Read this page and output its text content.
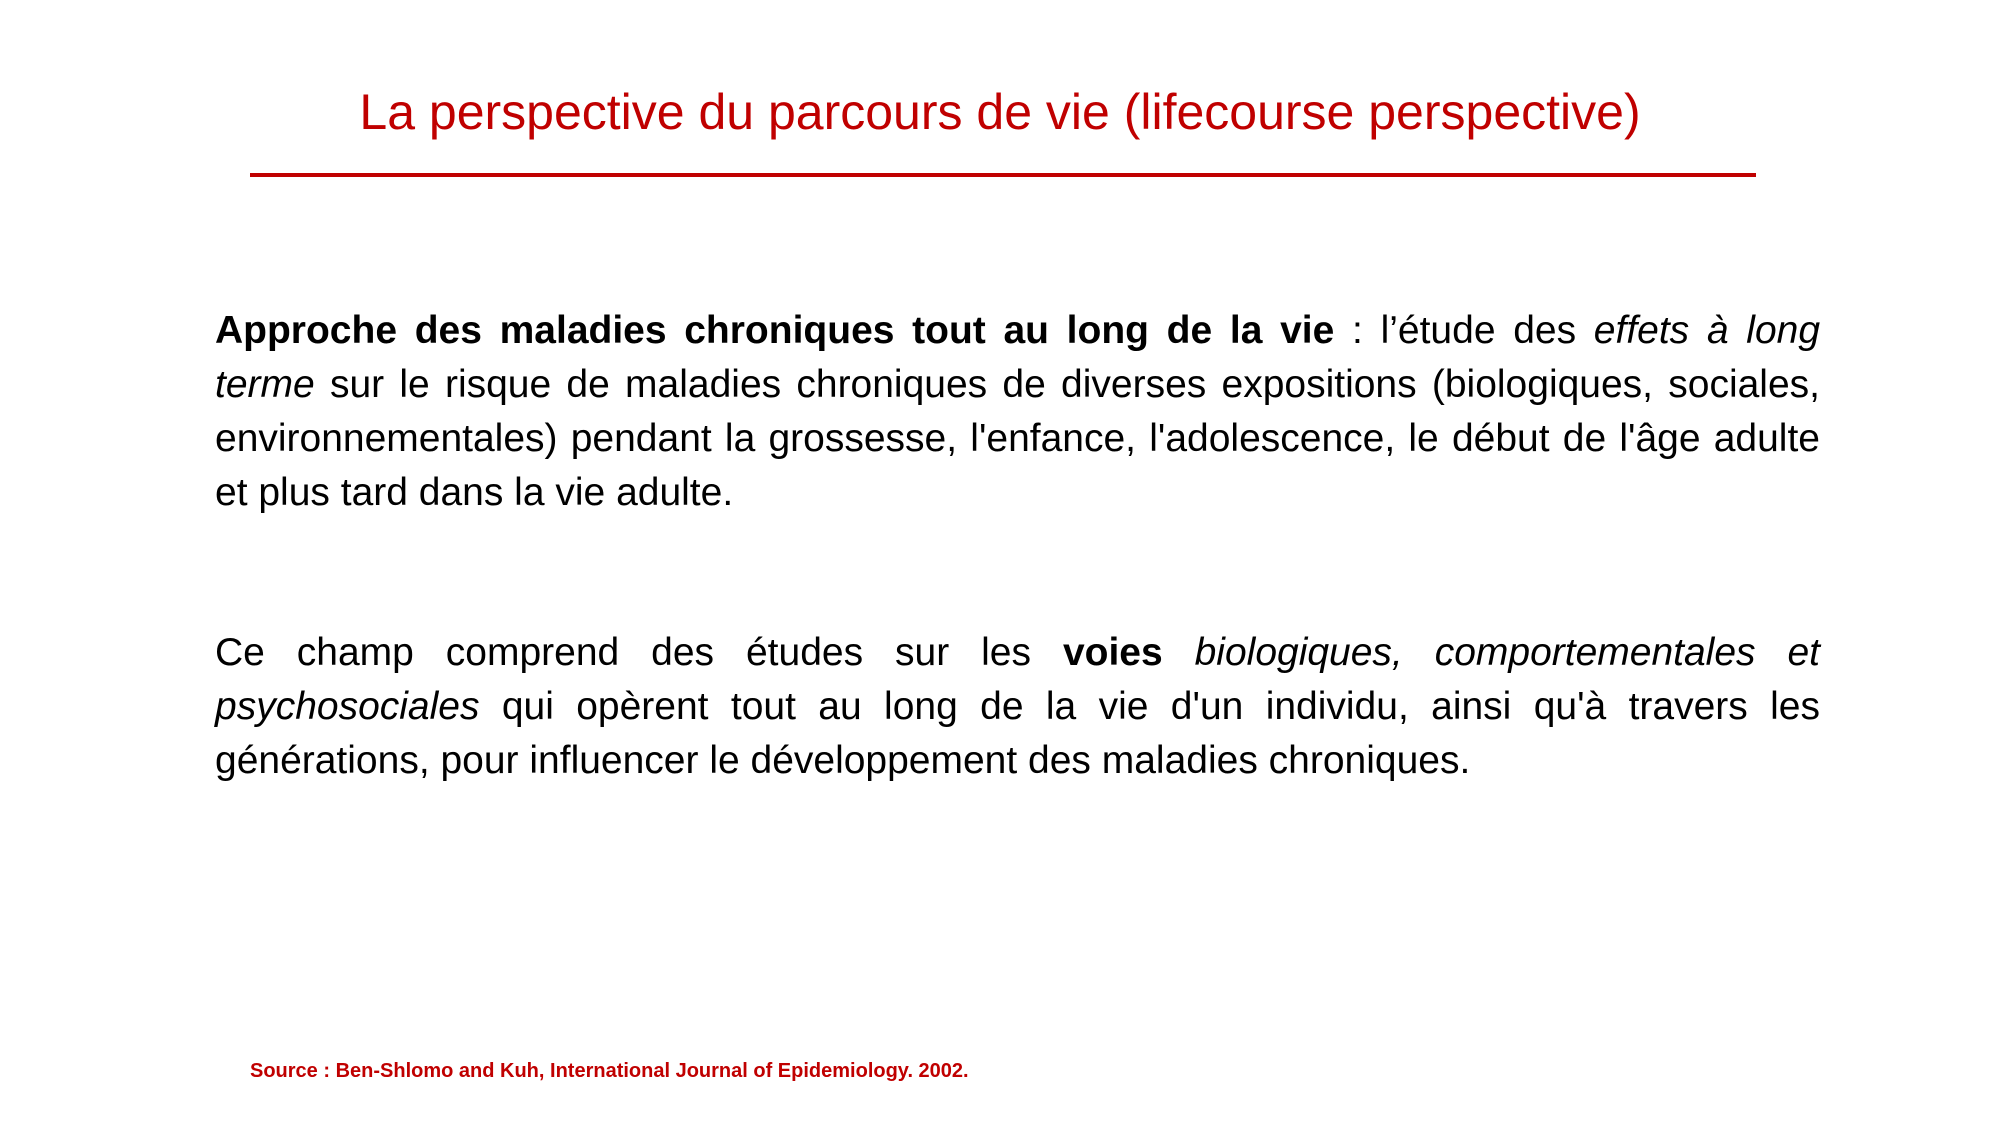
La perspective du parcours de vie (lifecourse perspective)
Approche des maladies chroniques tout au long de la vie : l’étude des effets à long terme sur le risque de maladies chroniques de diverses expositions (biologiques, sociales, environnementales) pendant la grossesse, l'enfance, l'adolescence, le début de l'âge adulte et plus tard dans la vie adulte.
Ce champ comprend des études sur les voies biologiques, comportementales et psychosociales qui opèrent tout au long de la vie d'un individu, ainsi qu'à travers les générations, pour influencer le développement des maladies chroniques.
Source : Ben-Shlomo and Kuh, International Journal of Epidemiology. 2002.
